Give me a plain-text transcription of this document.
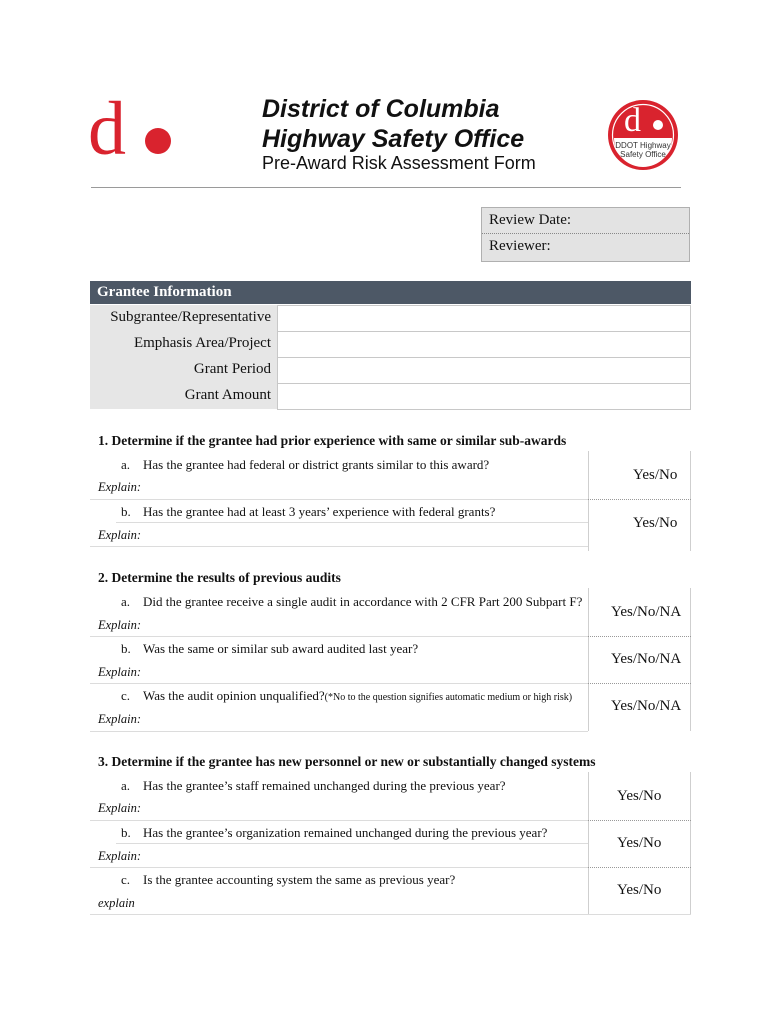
d	District of Columbia
Highway Safety Office
Pre-Award Risk Assessment Form
d
DDOT Highway
Safety Office
Review Date:
Reviewer:
Grantee Information
Subgrantee/Representative
Emphasis Area/Project
Grant Period
Grant Amount
1. Determine if the grantee had prior experience with same or similar sub-awards
a. Has the grantee had federal or district grants similar to this award?
Explain:
Yes/No
b. Has the grantee had at least 3 years’ experience with federal grants?
Explain:
Yes/No
2. Determine the results of previous audits
a. Did the grantee receive a single audit in accordance with 2 CFR Part 200 Subpart F?
Explain:
Yes/No/NA
b. Was the same or similar sub award audited last year?
Explain:
Yes/No/NA
c. Was the audit opinion unqualified?(*No to the question signifies automatic medium or high risk)
Explain:
Yes/No/NA
3. Determine if the grantee has new personnel or new or substantially changed systems
a. Has the grantee’s staff remained unchanged during the previous year?
Explain:
Yes/No
b. Has the grantee’s organization remained unchanged during the previous year?
Explain:
Yes/No
c. Is the grantee accounting system the same as previous year?
explain
Yes/No
